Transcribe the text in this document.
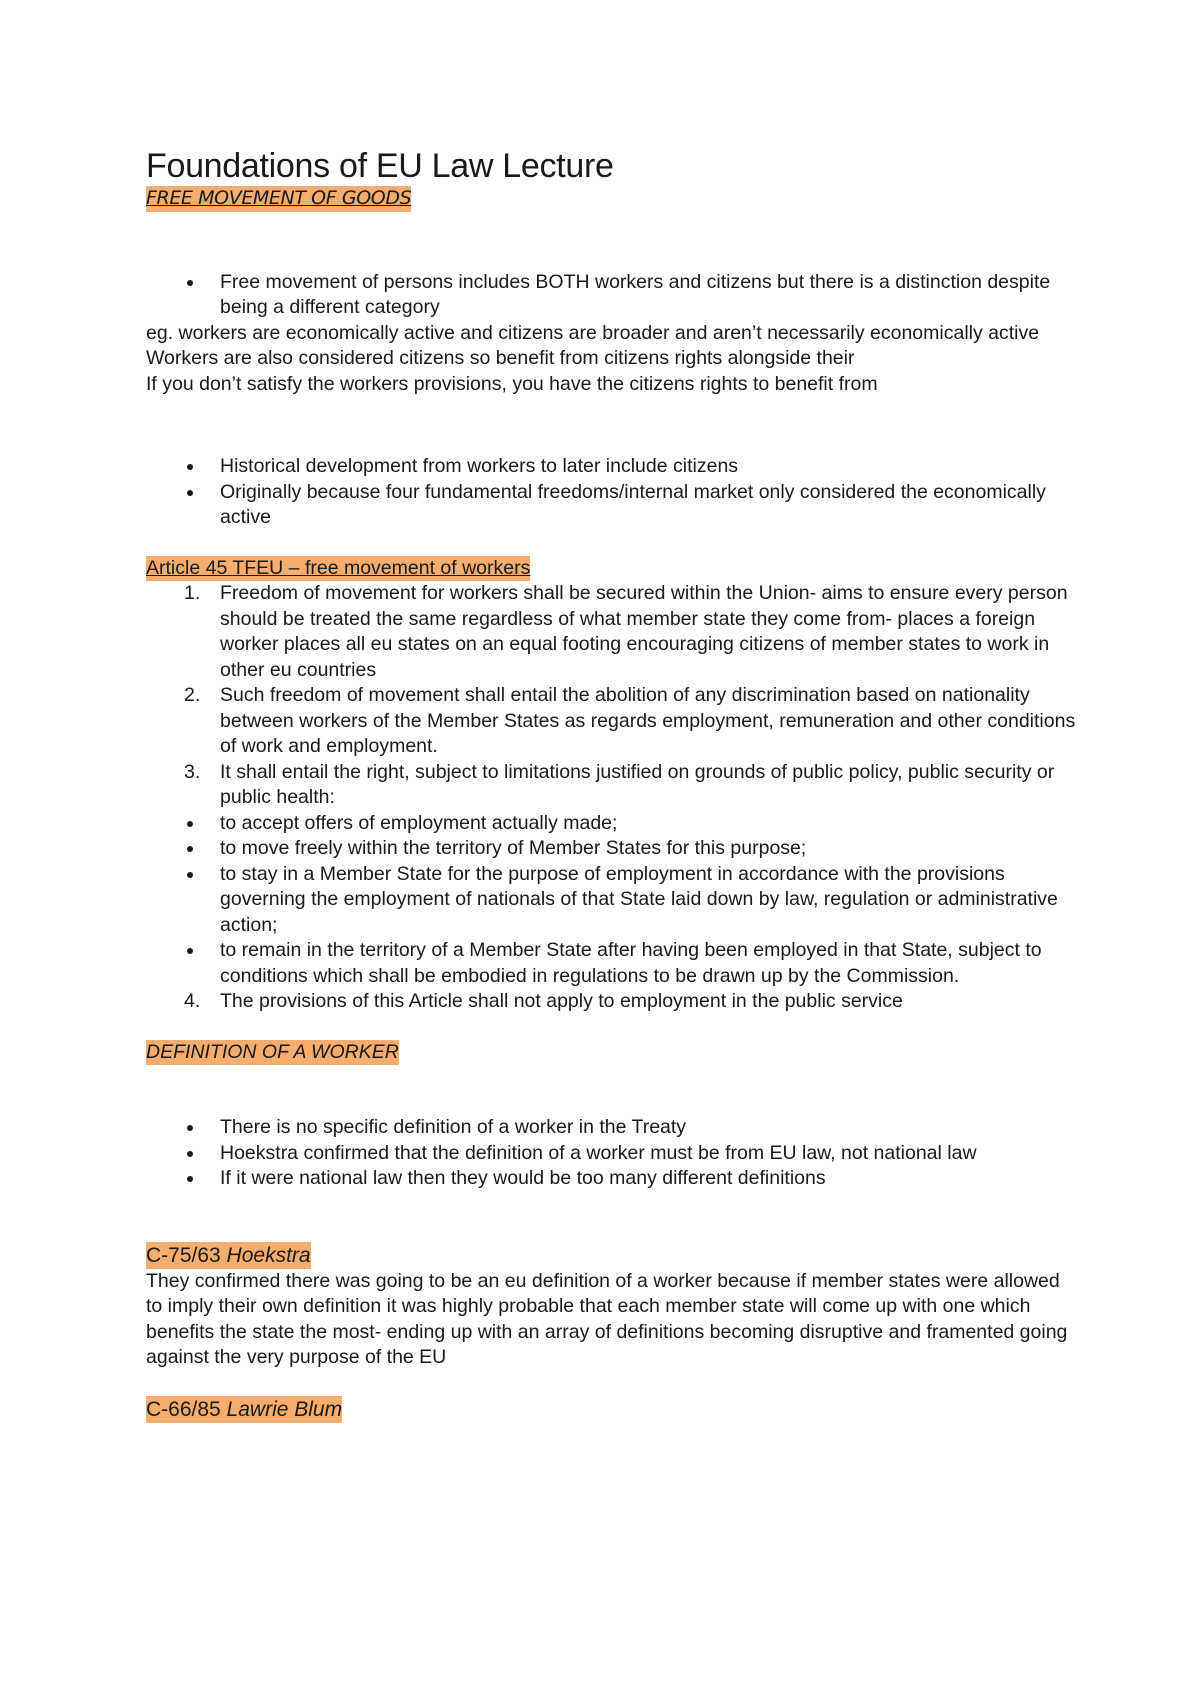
Foundations of EU Law Lecture
FREE MOVEMENT OF GOODS
Free movement of persons includes BOTH workers and citizens but there is a distinction despite being a different category

eg. workers are economically active and citizens are broader and aren’t necessarily economically active

Workers are also considered citizens so benefit from citizens rights alongside their

If you don’t satisfy the workers provisions, you have the citizens rights to benefit from

Historical development from workers to later include citizens
Originally because four fundamental freedoms/internal market only considered the economically active
Article 45 TFEU – free movement of workers
1. Freedom of movement for workers shall be secured within the Union- aims to ensure every person should be treated the same regardless of what member state they come from- places a foreign worker places all eu states on an equal footing encouraging citizens of member states to work in other eu countries
2. Such freedom of movement shall entail the abolition of any discrimination based on nationality between workers of the Member States as regards employment, remuneration and other conditions of work and employment.
3. It shall entail the right, subject to limitations justified on grounds of public policy, public security or public health:
to accept offers of employment actually made;
to move freely within the territory of Member States for this purpose;
to stay in a Member State for the purpose of employment in accordance with the provisions governing the employment of nationals of that State laid down by law, regulation or administrative action;
to remain in the territory of a Member State after having been employed in that State, subject to conditions which shall be embodied in regulations to be drawn up by the Commission.
4. The provisions of this Article shall not apply to employment in the public service
DEFINITION OF A WORKER
There is no specific definition of a worker in the Treaty
Hoekstra confirmed that the definition of a worker must be from EU law, not national law
If it were national law then they would be too many different definitions
C-75/63 Hoekstra

They confirmed there was going to be an eu definition of a worker because if member states were allowed to imply their own definition it was highly probable that each member state will come up with one which benefits the state the most- ending up with an array of definitions becoming disruptive and framented going against the very purpose of the EU

C-66/85 Lawrie Blum
